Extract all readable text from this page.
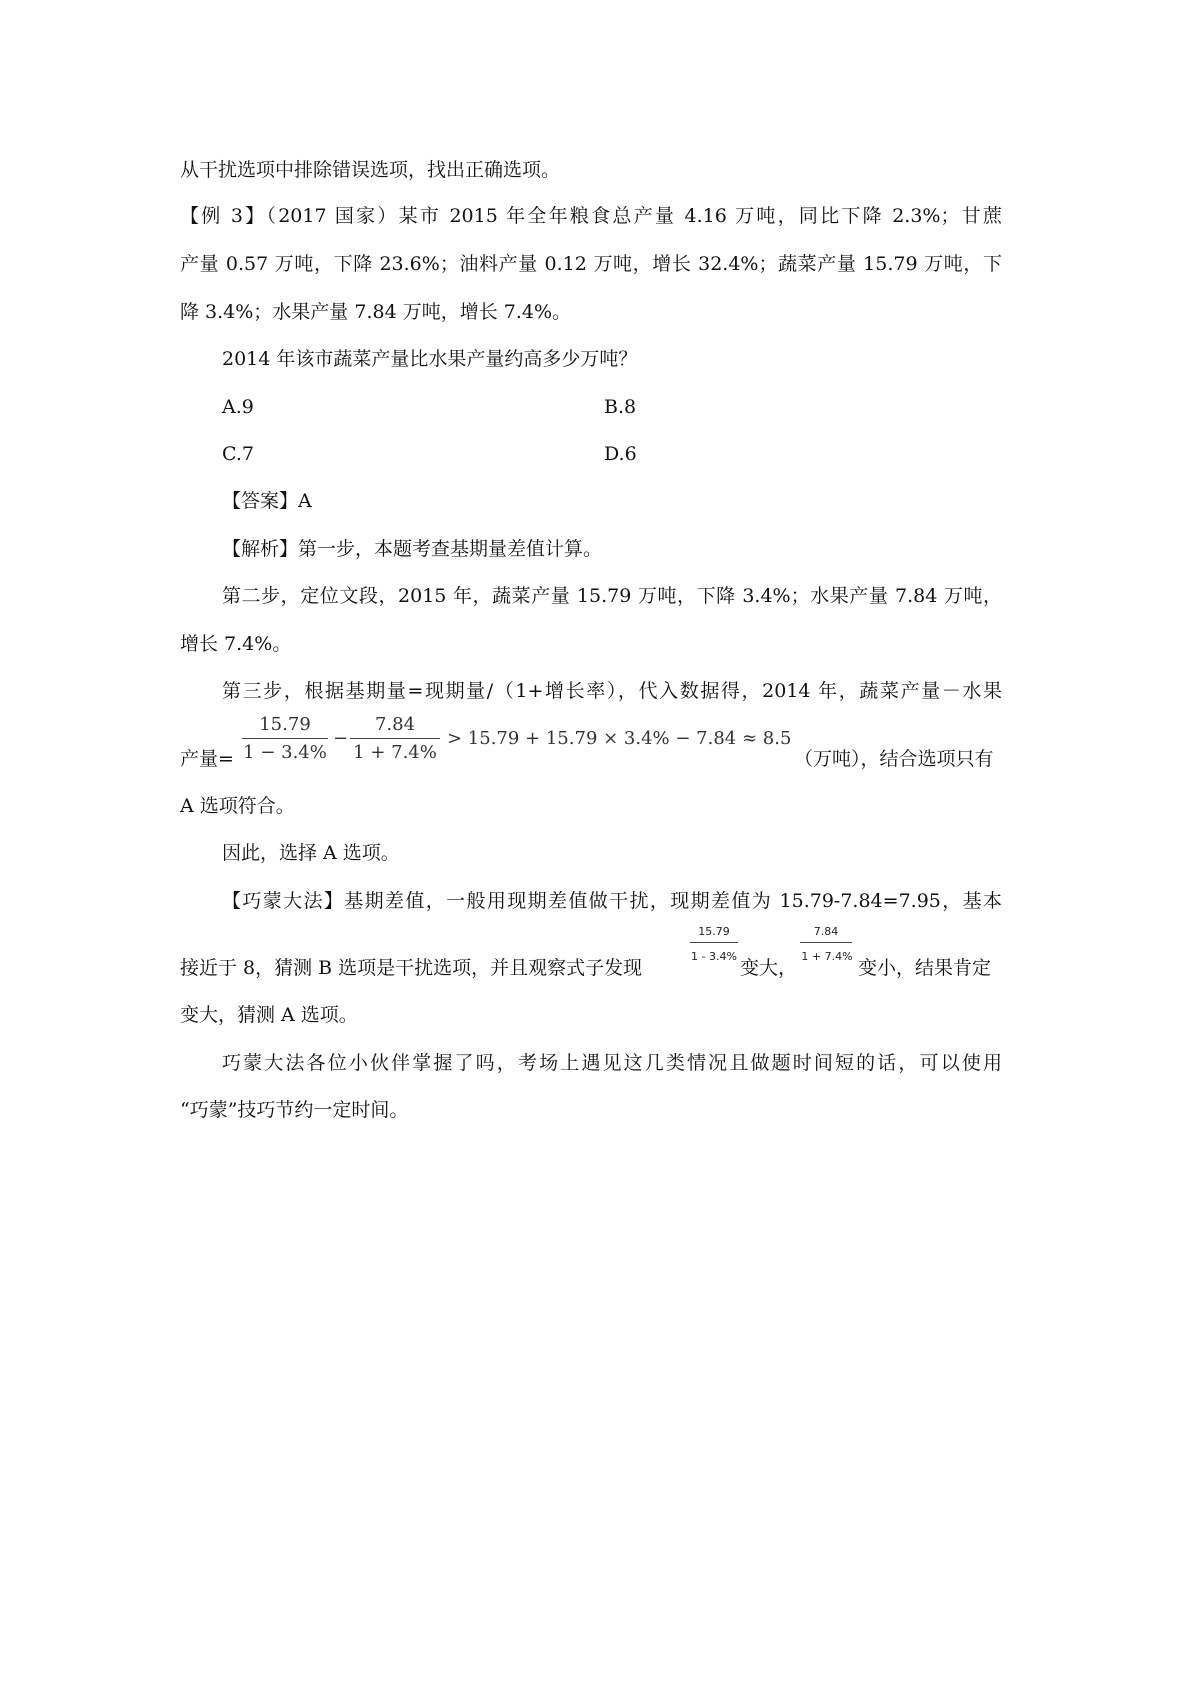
从干扰选项中排除错误选项，找出正确选项。
【例 3】（2017 国家）某市 2015 年全年粮食总产量 4.16 万吨，同比下降 2.3%；甘蔗
产量 0.57 万吨，下降 23.6%；油料产量 0.12 万吨，增长 32.4%；蔬菜产量 15.79 万吨，下
降 3.4%；水果产量 7.84 万吨，增长 7.4%。
2014 年该市蔬菜产量比水果产量约高多少万吨？
A.9	B.8
C.7	D.6
【答案】A
【解析】第一步，本题考查基期量差值计算。
第二步，定位文段，2015 年，蔬菜产量 15.79 万吨，下降 3.4%；水果产量 7.84 万吨，
增长 7.4%。
第三步，根据基期量=现期量/（1+增长率），代入数据得，2014 年，蔬菜产量－水果
产量=
15.79
1 − 3.4%
−
7.84
1 + 7.4%
> 15.79 + 15.79 × 3.4% − 7.84 ≈ 8.5
（万吨），结合选项只有
A 选项符合。
因此，选择 A 选项。
【巧蒙大法】基期差值，一般用现期差值做干扰，现期差值为 15.79-7.84=7.95，基本
接近于 8，猜测 B 选项是干扰选项，并且观察式子发现
15.79
1 - 3.4%
变大，
7.84
1 + 7.4%
变小，结果肯定
变大，猜测 A 选项。
巧蒙大法各位小伙伴掌握了吗，考场上遇见这几类情况且做题时间短的话，可以使用
“巧蒙”技巧节约一定时间。
